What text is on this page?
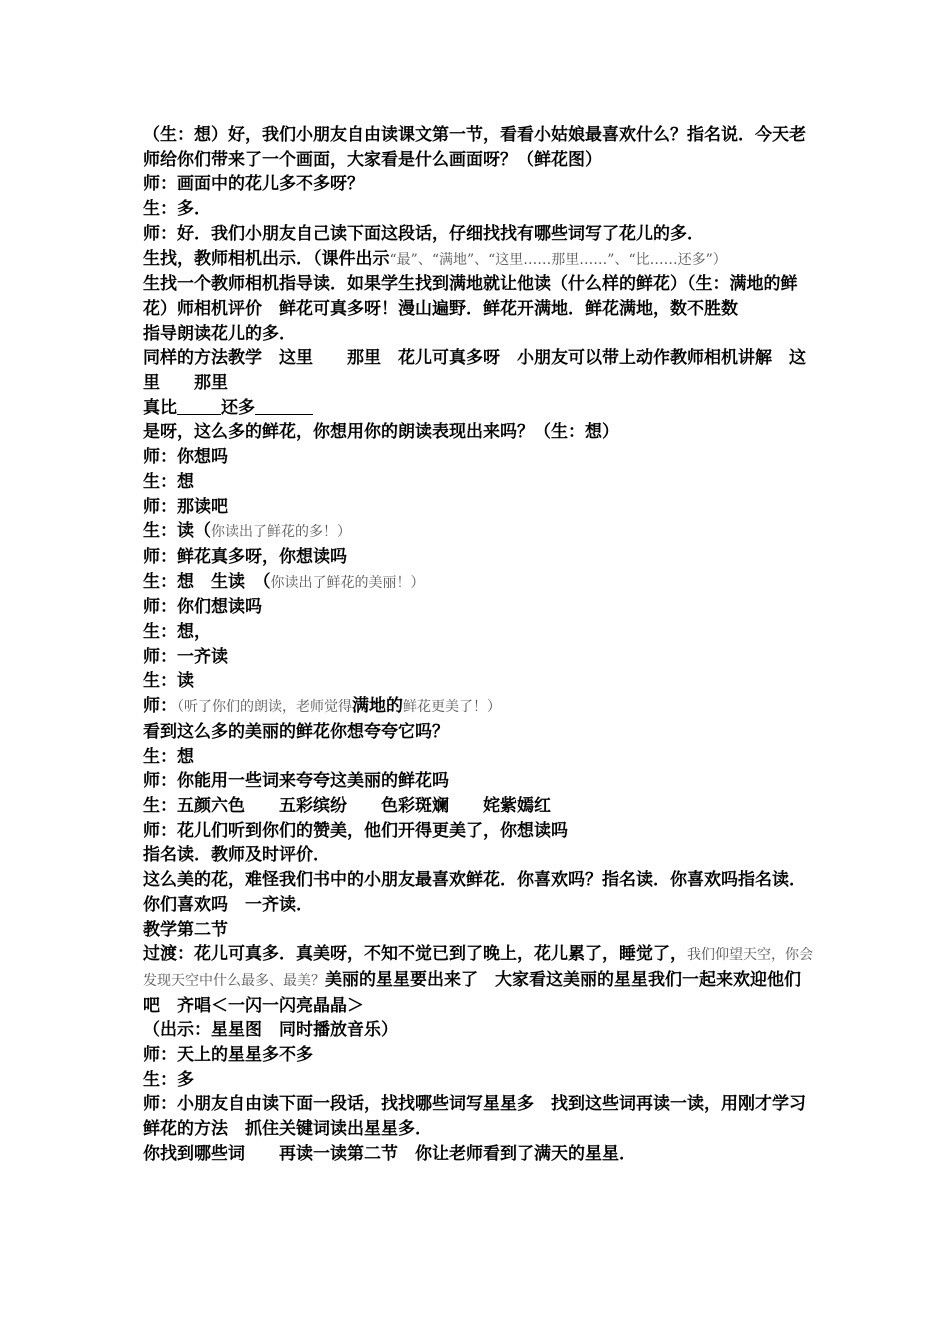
（生：想）好，我们小朋友自由读课文第一节，看看小姑娘最喜欢什么？指名说．今天老师给你们带来了一个画面，大家看是什么画面呀？（鲜花图）
师：画面中的花儿多不多呀？
生：多．
师：好．我们小朋友自己读下面这段话，仔细找找有哪些词写了花儿的多．
生找，教师相机出示．（课件出示“最”、“满地”、“这里……那里……”、“比……还多”）
生找一个教师相机指导读．如果学生找到满地就让他读（什么样的鲜花）（生：满地的鲜花）师相机评价　鲜花可真多呀！漫山遍野．鲜花开满地．鲜花满地，数不胜数
指导朗读花儿的多．
同样的方法教学　这里　　那里　花儿可真多呀　小朋友可以带上动作教师相机讲解　这里　　那里
真比	还多
是呀，这么多的鲜花，你想用你的朗读表现出来吗？（生：想）
师：你想吗
生：想
师：那读吧
生：读（你读出了鲜花的多！）
师：鲜花真多呀，你想读吗
生：想　生读　（你读出了鲜花的美丽！）
师：你们想读吗
生：想，
师：一齐读
生：读
师：（听了你们的朗读，老师觉得满地的鲜花更美了！）
看到这么多的美丽的鲜花你想夸夸它吗？
生：想
师：你能用一些词来夸夸这美丽的鲜花吗
生：五颜六色　　五彩缤纷　　色彩斑斓　　姹紫嫣红
师：花儿们听到你们的赞美，他们开得更美了，你想读吗
指名读．教师及时评价．
这么美的花，难怪我们书中的小朋友最喜欢鲜花．你喜欢吗？指名读．你喜欢吗指名读．你们喜欢吗　一齐读．
教学第二节
过渡：花儿可真多．真美呀，不知不觉已到了晚上，花儿累了，睡觉了，我们仰望天空，你会发现天空中什么最多、最美？美丽的星星要出来了　大家看这美丽的星星我们一起来欢迎他们吧　齐唱＜一闪一闪亮晶晶＞
（出示：星星图　同时播放音乐）
师：天上的星星多不多
生：多
师：小朋友自由读下面一段话，找找哪些词写星星多　找到这些词再读一读，用刚才学习鲜花的方法　抓住关键词读出星星多．
你找到哪些词　　再读一读第二节　你让老师看到了满天的星星．
